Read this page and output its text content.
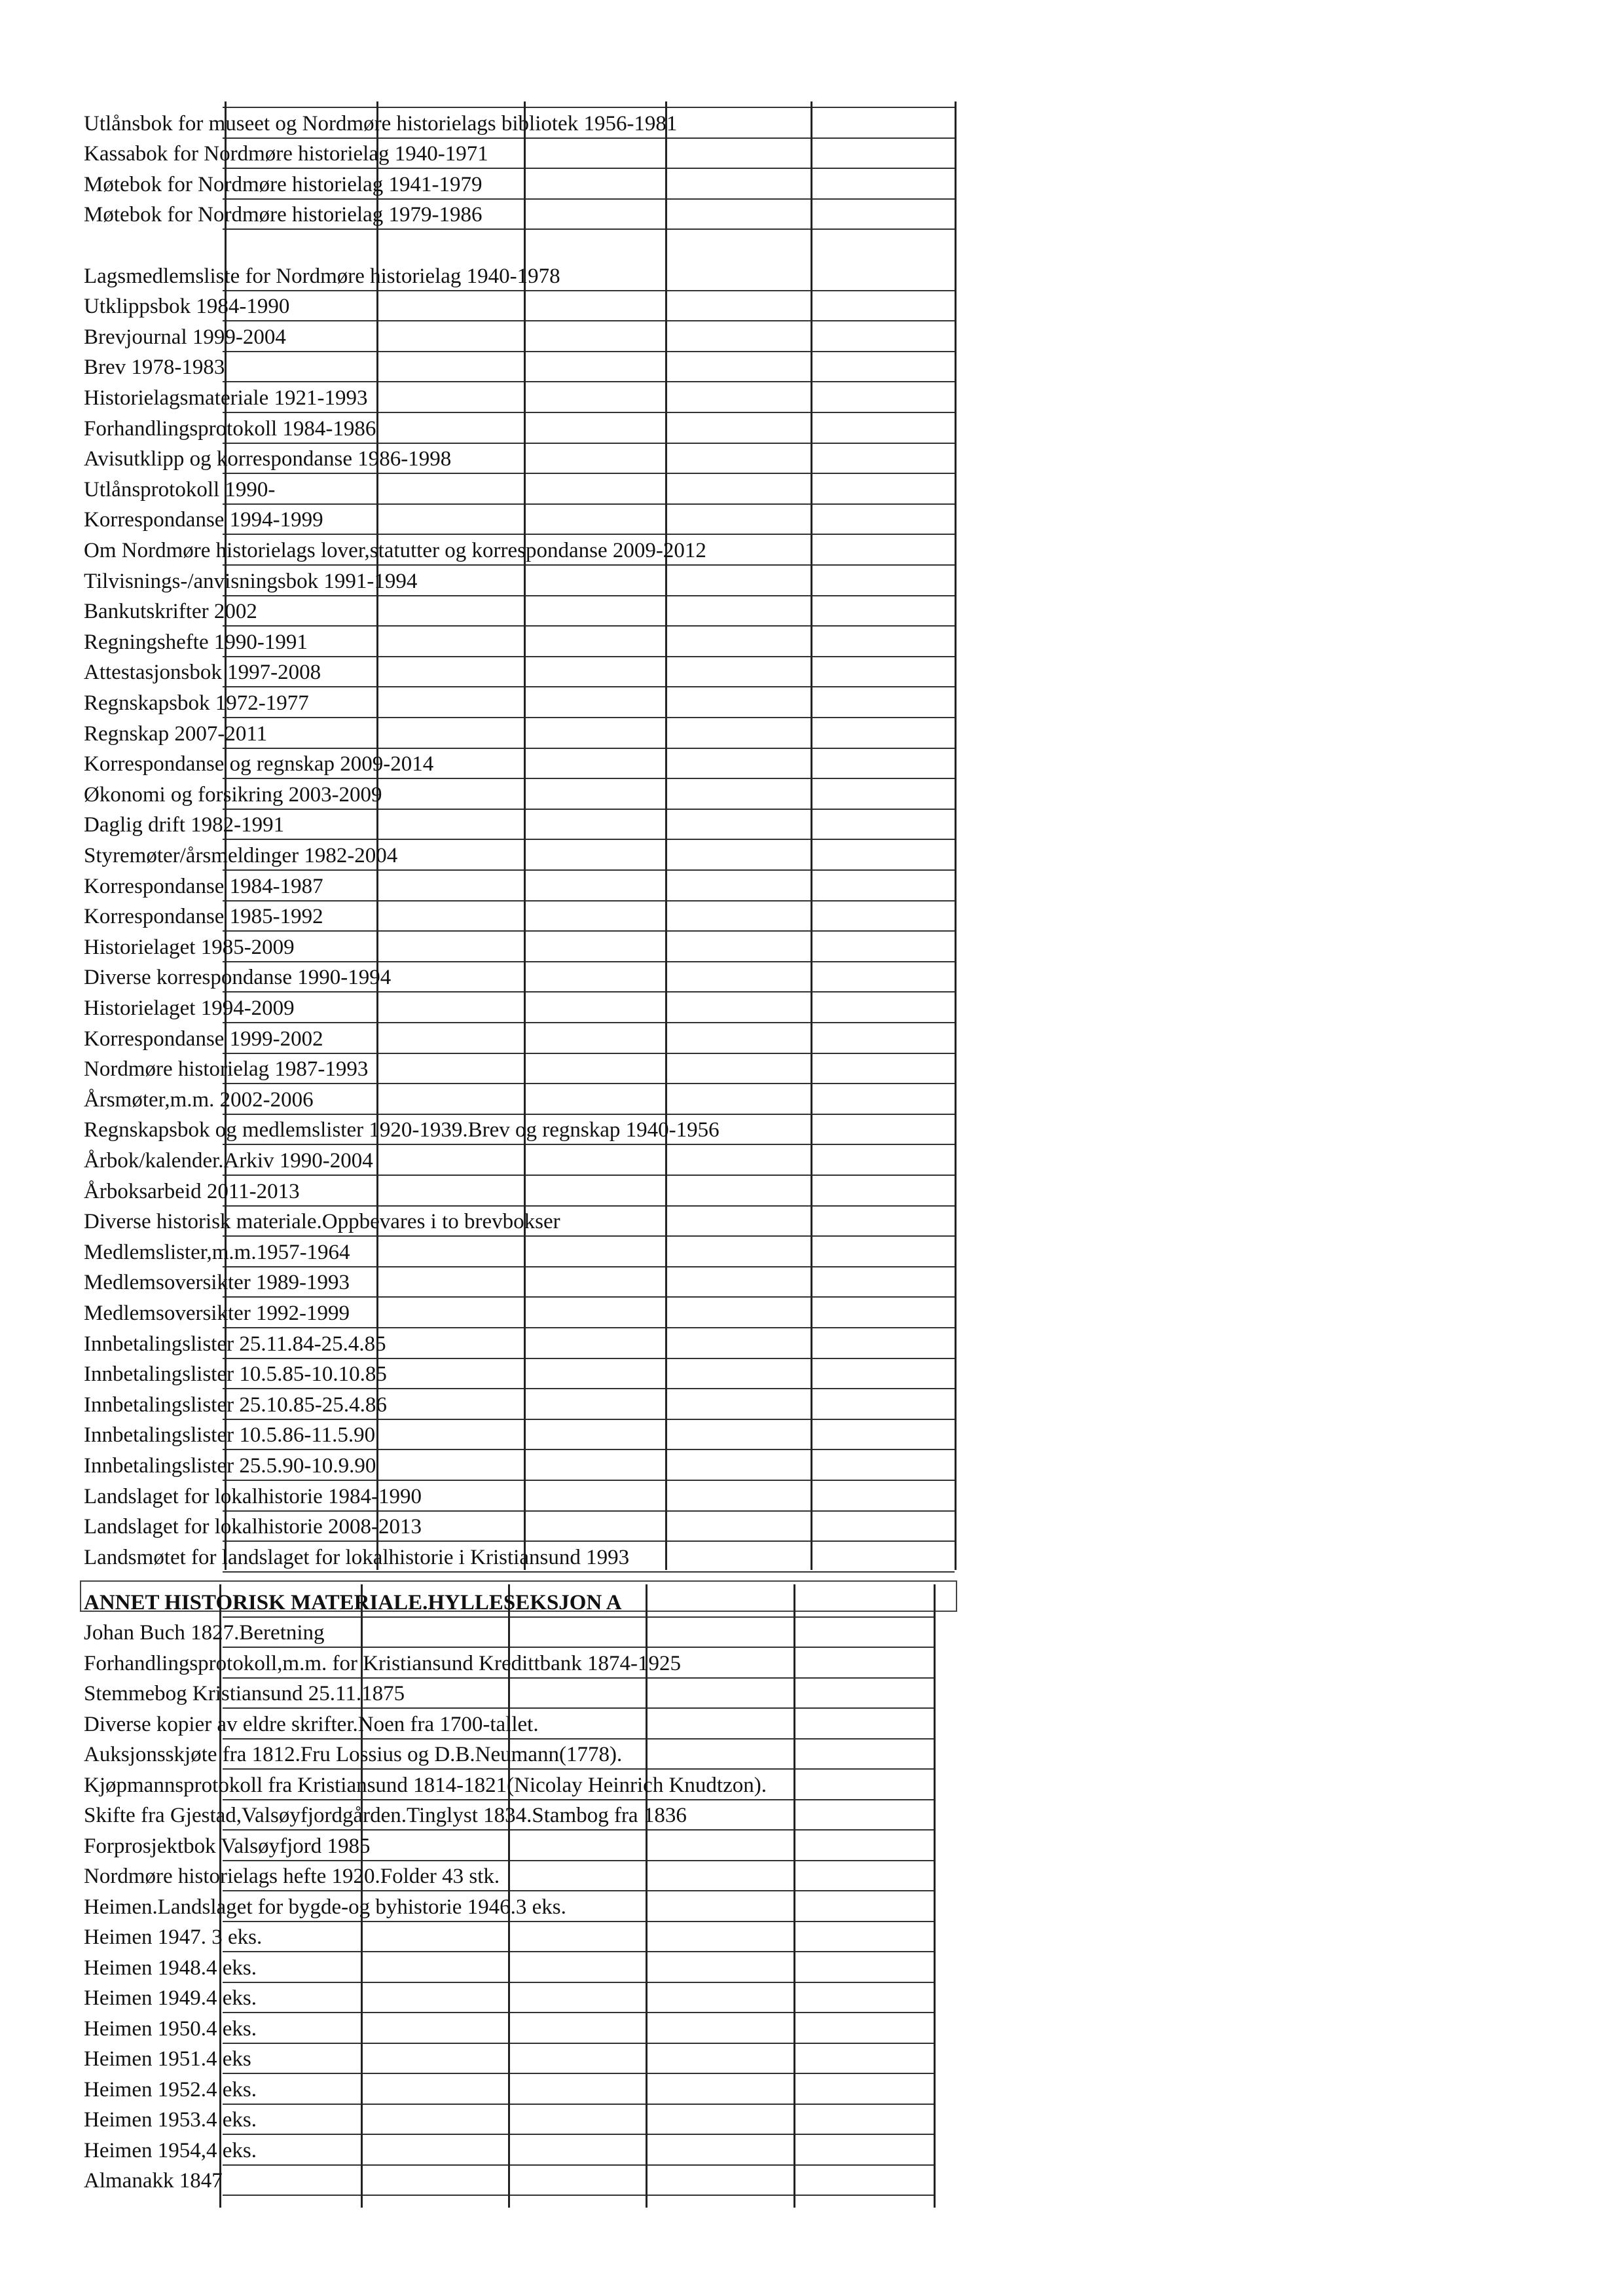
Utlånsbok for museet og Nordmøre historielags bibliotek 1956-1981
Kassabok for Nordmøre historielag 1940-1971
Møtebok for Nordmøre historielag 1941-1979
Møtebok for Nordmøre historielag 1979-1986
Lagsmedlemsliste for Nordmøre historielag 1940-1978
Utklippsbok 1984-1990
Brevjournal 1999-2004
Brev 1978-1983
Historielagsmateriale 1921-1993
Forhandlingsprotokoll 1984-1986
Avisutklipp og korrespondanse 1986-1998
Utlånsprotokoll 1990-
Korrespondanse 1994-1999
Om Nordmøre historielags lover,statutter og korrespondanse 2009-2012
Tilvisnings-/anvisningsbok 1991-1994
Bankutskrifter 2002
Regningshefte 1990-1991
Attestasjonsbok 1997-2008
Regnskapsbok 1972-1977
Regnskap 2007-2011
Korrespondanse og regnskap 2009-2014
Økonomi og forsikring 2003-2009
Daglig drift 1982-1991
Styremøter/årsmeldinger 1982-2004
Korrespondanse 1984-1987
Korrespondanse 1985-1992
Historielaget 1985-2009
Diverse korrespondanse 1990-1994
Historielaget 1994-2009
Korrespondanse 1999-2002
Nordmøre historielag 1987-1993
Årsmøter,m.m. 2002-2006
Regnskapsbok og medlemslister 1920-1939.Brev og regnskap 1940-1956
Årbok/kalender.Arkiv 1990-2004
Årboksarbeid 2011-2013
Diverse historisk materiale.Oppbevares i to brevbokser
Medlemslister,m.m.1957-1964
Medlemsoversikter 1989-1993
Medlemsoversikter 1992-1999
Innbetalingslister 25.11.84-25.4.85
Innbetalingslister 10.5.85-10.10.85
Innbetalingslister 25.10.85-25.4.86
Innbetalingslister 10.5.86-11.5.90
Innbetalingslister 25.5.90-10.9.90
Landslaget for lokalhistorie 1984-1990
Landslaget for lokalhistorie 2008-2013
Landsmøtet for landslaget for lokalhistorie i Kristiansund 1993
ANNET HISTORISK MATERIALE.HYLLESEKSJON A
Johan Buch 1827.Beretning
Forhandlingsprotokoll,m.m. for Kristiansund Kredittbank 1874-1925
Stemmebog Kristiansund 25.11.1875
Diverse kopier av eldre skrifter.Noen fra 1700-tallet.
Auksjonsskjøte fra 1812.Fru Lossius og D.B.Neumann(1778).
Kjøpmannsprotokoll fra Kristiansund 1814-1821(Nicolay Heinrich Knudtzon).
Skifte fra Gjestad,Valsøyfjordgården.Tinglyst 1834.Stambog fra 1836
Forprosjektbok Valsøyfjord 1985
Nordmøre historielags hefte 1920.Folder 43 stk.
Heimen.Landslaget for bygde-og byhistorie 1946.3 eks.
Heimen 1947. 3 eks.
Heimen 1948.4 eks.
Heimen 1949.4 eks.
Heimen 1950.4 eks.
Heimen 1951.4 eks
Heimen 1952.4 eks.
Heimen 1953.4 eks.
Heimen 1954,4 eks.
Almanakk 1847
